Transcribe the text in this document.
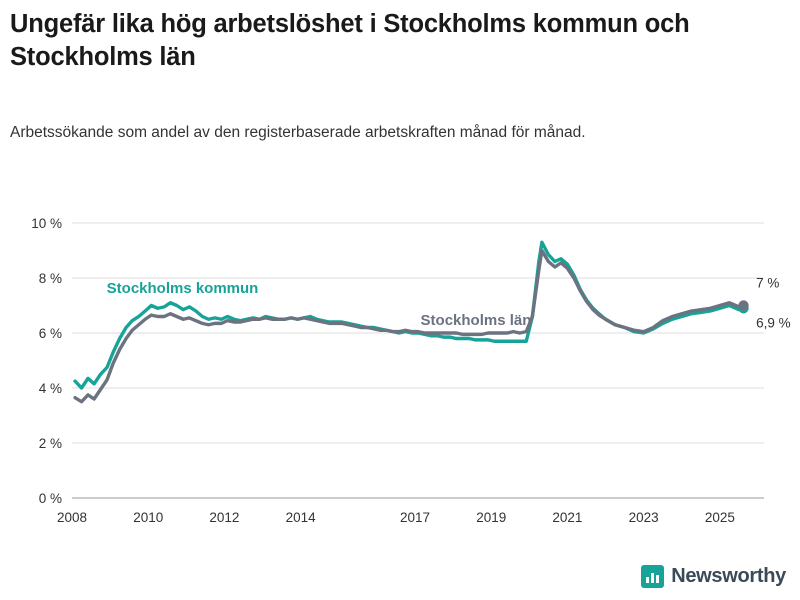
Ungefär lika hög arbetslöshet i Stockholms kommun och Stockholms län
Arbetssökande som andel av den registerbaserade arbetskraften månad för månad.
0 %
2 %
4 %
6 %
8 %
10 %
2008	2010	2012	2014	2017	2019	2021	2023	2025
Stockholms kommun
Stockholms län
7 %
6,9 %
Newsworthy
